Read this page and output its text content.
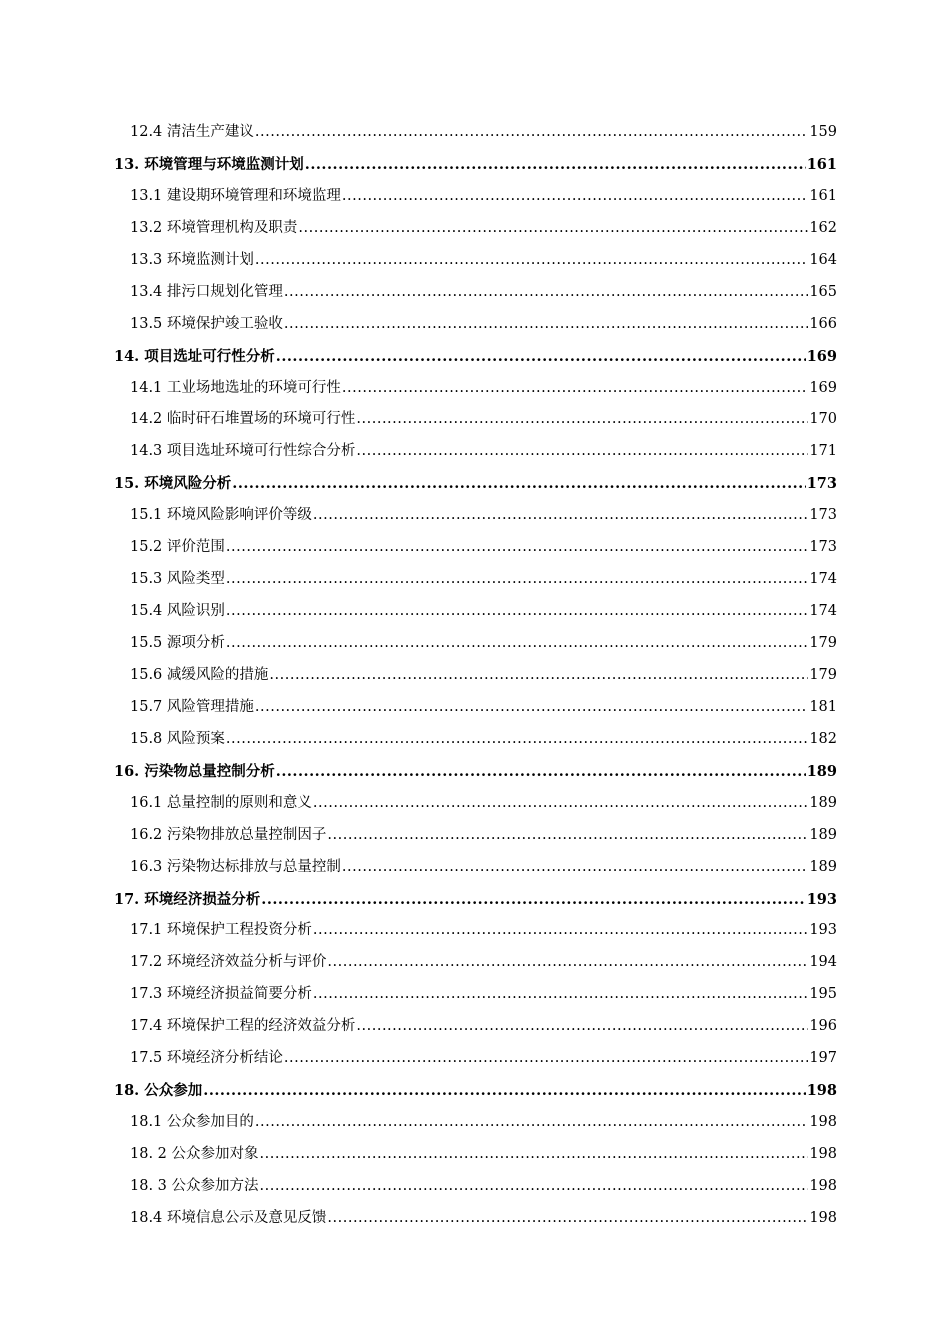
12.4 清洁生产建议 .....	159
13. 环境管理与环境监测计划 .....	161
13.1 建设期环境管理和环境监理 .....	161
13.2 环境管理机构及职责 .....	162
13.3 环境监测计划 .....	164
13.4 排污口规划化管理 .....	165
13.5 环境保护竣工验收 .....	166
14. 项目选址可行性分析 .....	169
14.1 工业场地选址的环境可行性 .....	169
14.2 临时矸石堆置场的环境可行性 .....	170
14.3 项目选址环境可行性综合分析 .....	171
15. 环境风险分析 .....	173
15.1 环境风险影响评价等级 .....	173
15.2 评价范围 .....	173
15.3 风险类型 .....	174
15.4 风险识别 .....	174
15.5 源项分析 .....	179
15.6 减缓风险的措施 .....	179
15.7 风险管理措施 .....	181
15.8 风险预案 .....	182
16. 污染物总量控制分析 .....	189
16.1 总量控制的原则和意义 .....	189
16.2 污染物排放总量控制因子 .....	189
16.3 污染物达标排放与总量控制 .....	189
17. 环境经济损益分析 .....	193
17.1 环境保护工程投资分析 .....	193
17.2 环境经济效益分析与评价 .....	194
17.3 环境经济损益简要分析 .....	195
17.4 环境保护工程的经济效益分析 .....	196
17.5 环境经济分析结论 .....	197
18. 公众参加 .....	198
18.1 公众参加目的 .....	198
18. 2 公众参加对象 .....	198
18. 3 公众参加方法 .....	198
18.4 环境信息公示及意见反馈 .....	198
